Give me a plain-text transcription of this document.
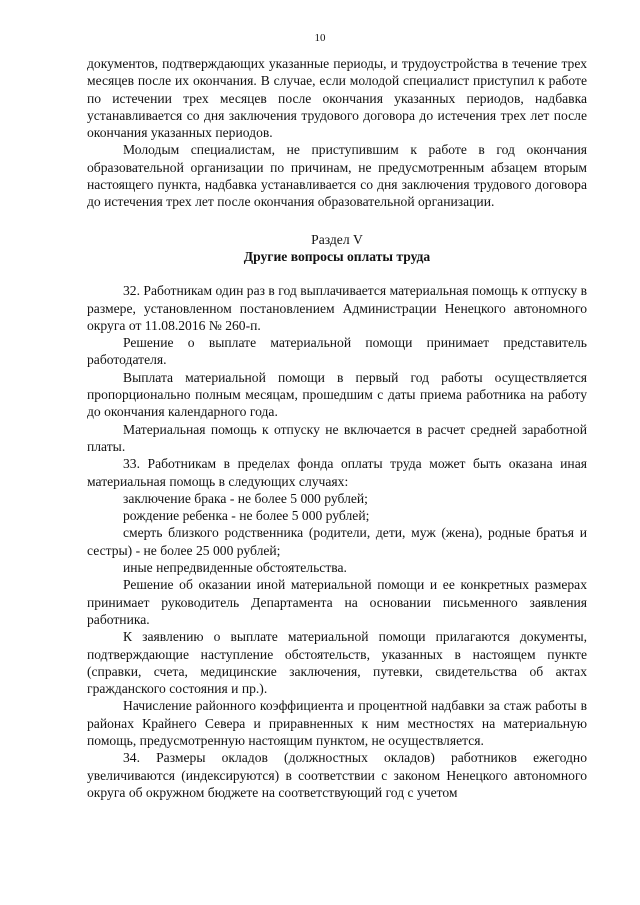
10

документов, подтверждающих указанные периоды, и трудоустройства в течение трех месяцев после их окончания. В случае, если молодой специалист приступил к работе по истечении трех месяцев после окончания указанных периодов, надбавка устанавливается со дня заключения трудового договора до истечения трех лет после окончания указанных периодов.

Молодым специалистам, не приступившим к работе в год окончания образовательной организации по причинам, не предусмотренным абзацем вторым настоящего пункта, надбавка устанавливается со дня заключения трудового договора до истечения трех лет после окончания образовательной организации.

Раздел V
Другие вопросы оплаты труда

32. Работникам один раз в год выплачивается материальная помощь к отпуску в размере, установленном постановлением Администрации Ненецкого автономного округа от 11.08.2016 № 260-п.

Решение о выплате материальной помощи принимает представитель работодателя.

Выплата материальной помощи в первый год работы осуществляется пропорционально полным месяцам, прошедшим с даты приема работника на работу до окончания календарного года.

Материальная помощь к отпуску не включается в расчет средней заработной платы.

33. Работникам в пределах фонда оплаты труда может быть оказана иная материальная помощь в следующих случаях:

заключение брака - не более 5 000 рублей;

рождение ребенка - не более 5 000 рублей;

смерть близкого родственника (родители, дети, муж (жена), родные братья и сестры) - не более 25 000 рублей;

иные непредвиденные обстоятельства.

Решение об оказании иной материальной помощи и ее конкретных размерах принимает руководитель Департамента на основании письменного заявления работника.

К заявлению о выплате материальной помощи прилагаются документы, подтверждающие наступление обстоятельств, указанных в настоящем пункте (справки, счета, медицинские заключения, путевки, свидетельства об актах гражданского состояния и пр.).

Начисление районного коэффициента и процентной надбавки за стаж работы в районах Крайнего Севера и приравненных к ним местностях на материальную помощь, предусмотренную настоящим пунктом, не осуществляется.

34. Размеры окладов (должностных окладов) работников ежегодно увеличиваются (индексируются) в соответствии с законом Ненецкого автономного округа об окружном бюджете на соответствующий год с учетом
